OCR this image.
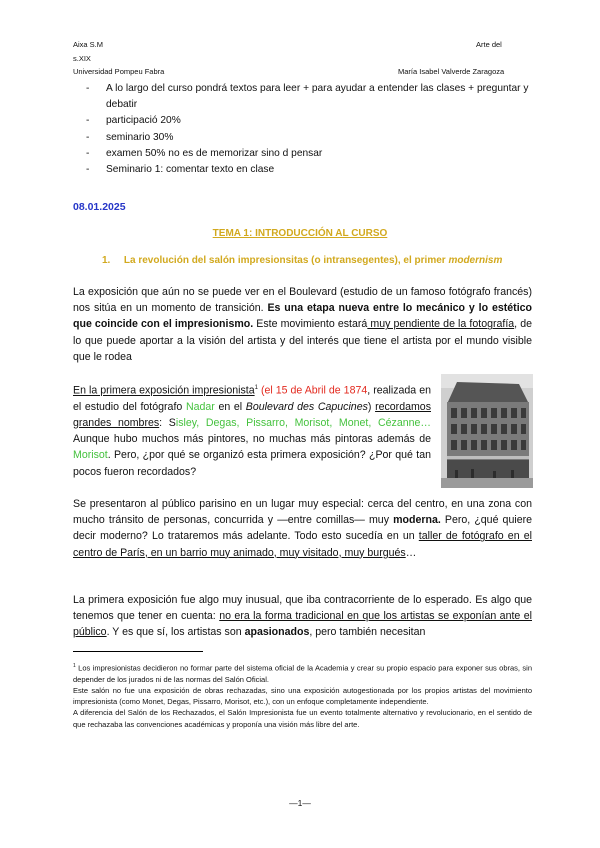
Aixa S.M	Arte del
s.XIX
Universidad Pompeu Fabra	María Isabel Valverde Zaragoza
-	A lo largo del curso pondrá textos para leer + para ayudar a entender las clases + preguntar y debatir
-	participació 20%
-	seminario 30%
-	examen 50% no es de memorizar sino d pensar
-	Seminario 1: comentar texto en clase
08.01.2025
TEMA 1: INTRODUCCIÓN AL CURSO
1. La revolución del salón impresionsitas (o intransegentes), el primer modernism
La exposición que aún no se puede ver en el Boulevard (estudio de un famoso fotógrafo francés) nos sitúa en un momento de transición. Es una etapa nueva entre lo mecánico y lo estético que coincide con el impresionismo. Este movimiento estará muy pendiente de la fotografía, de lo que puede aportar a la visión del artista y del interés que tiene el artista por el mundo visible que le rodea
En la primera exposición impresionista$^1$ (el 15 de Abril de 1874, realizada en el estudio del fotógrafo Nadar en el Boulevard des Capucines) recordamos grandes nombres: Sisley, Degas, Pissarro, Morisot, Monet, Cézanne… Aunque hubo muchos más pintores, no muchas más pintoras además de Morisot. Pero, ¿por qué se organizó esta primera exposición? ¿Por qué tan pocos fueron recordados?
Se presentaron al público parisino en un lugar muy especial: cerca del centro, en una zona con mucho tránsito de personas, concurrida y —entre comillas— muy moderna. Pero, ¿qué quiere decir moderno? Lo trataremos más adelante. Todo esto sucedía en un taller de fotógrafo en el centro de París, en un barrio muy animado, muy visitado, muy burgués…
La primera exposición fue algo muy inusual, que iba contracorriente de lo esperado. Es algo que tenemos que tener en cuenta: no era la forma tradicional en que los artistas se exponían ante el público. Y es que sí, los artistas son apasionados, pero también necesitan
$^1$ Los impresionistas decidieron no formar parte del sistema oficial de la Academia y crear su propio espacio para exponer sus obras, sin depender de los jurados ni de las normas del Salón Oficial.
Este salón no fue una exposición de obras rechazadas, sino una exposición autogestionada por los propios artistas del movimiento impresionista (como Monet, Degas, Pissarro, Morisot, etc.), con un enfoque completamente independiente.
A diferencia del Salón de los Rechazados, el Salón Impresionista fue un evento totalmente alternativo y revolucionario, en el sentido de que rechazaba las convenciones académicas y proponía una visión más libre del arte.
—1—
